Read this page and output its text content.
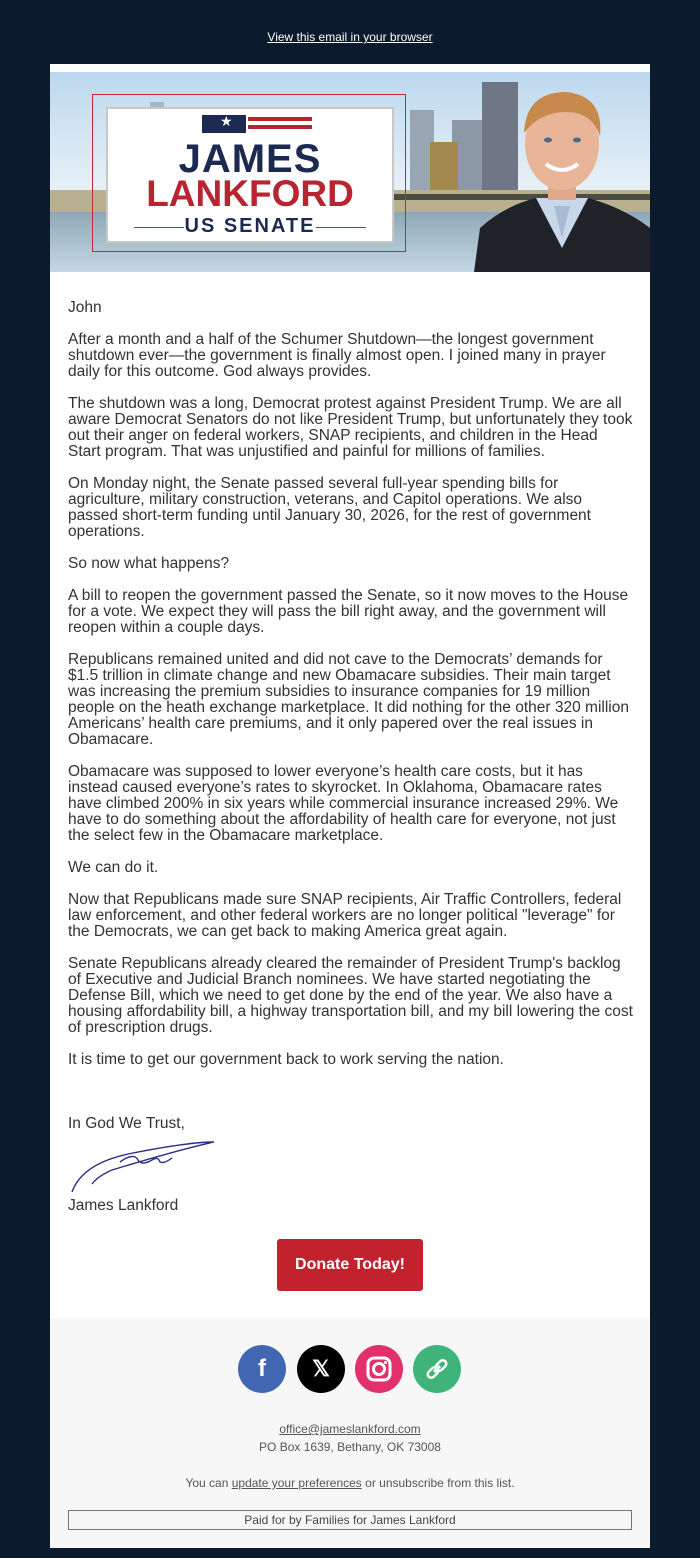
View this email in your browser
★
JAMES
LANKFORD
US SENATE

John

After a month and a half of the Schumer Shutdown—the longest government shutdown ever—the government is finally almost open. I joined many in prayer daily for this outcome. God always provides.

The shutdown was a long, Democrat protest against President Trump. We are all aware Democrat Senators do not like President Trump, but unfortunately they took out their anger on federal workers, SNAP recipients, and children in the Head Start program. That was unjustified and painful for millions of families.

On Monday night, the Senate passed several full-year spending bills for agriculture, military construction, veterans, and Capitol operations. We also passed short-term funding until January 30, 2026, for the rest of government operations.

So now what happens?

A bill to reopen the government passed the Senate, so it now moves to the House for a vote. We expect they will pass the bill right away, and the government will reopen within a couple days.

Republicans remained united and did not cave to the Democrats’ demands for $1.5 trillion in climate change and new Obamacare subsidies. Their main target was increasing the premium subsidies to insurance companies for 19 million people on the heath exchange marketplace. It did nothing for the other 320 million Americans’ health care premiums, and it only papered over the real issues in Obamacare.

Obamacare was supposed to lower everyone’s health care costs, but it has instead caused everyone’s rates to skyrocket. In Oklahoma, Obamacare rates have climbed 200% in six years while commercial insurance increased 29%. We have to do something about the affordability of health care for everyone, not just the select few in the Obamacare marketplace.

We can do it.

Now that Republicans made sure SNAP recipients, Air Traffic Controllers, federal law enforcement, and other federal workers are no longer political "leverage" for the Democrats, we can get back to making America great again.

Senate Republicans already cleared the remainder of President Trump's backlog of Executive and Judicial Branch nominees. We have started negotiating the Defense Bill, which we need to get done by the end of the year. We also have a housing affordability bill, a highway transportation bill, and my bill lowering the cost of prescription drugs.

It is time to get our government back to work serving the nation.

In God We Trust,

James Lankford

Donate Today!
f	𝕏
office@jameslankford.com
PO Box 1639, Bethany, OK 73008
You can update your preferences or unsubscribe from this list.
Paid for by Families for James Lankford
